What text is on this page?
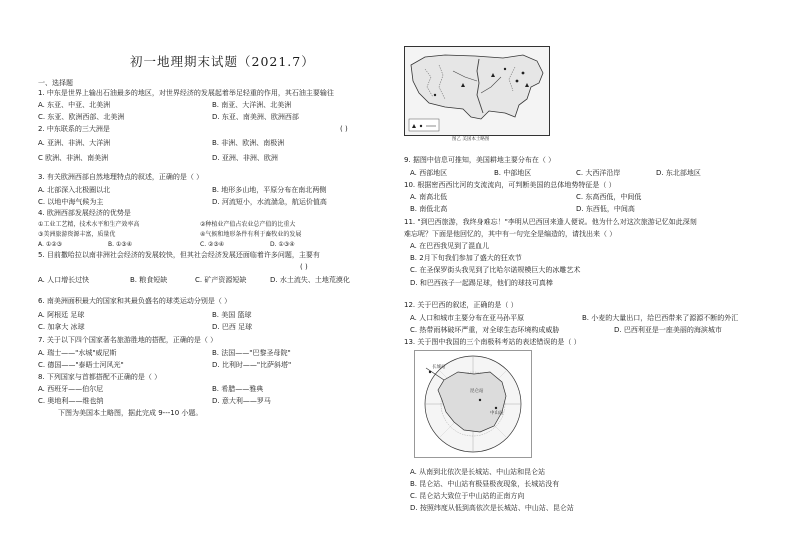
初一地理期末试题（2021.7）
一、选择题
1. 中东是世界上输出石油最多的地区，对世界经济的发展起着举足轻重的作用，其石油主要输往
A. 东亚、中亚、北美洲	B. 南亚、大洋洲、北美洲
C. 东亚、欧洲西部、北美洲	D. 东亚、南美洲、欧洲西部
2. 中东联系的三大洲是	( )
A. 亚洲、非洲、大洋洲	B. 非洲、欧洲、南极洲
C 欧洲、非洲、南美洲	D. 亚洲、非洲、欧洲
3. 有关欧洲西部自然地理特点的叙述，正确的是（ ）
A. 北部深入北极圈以北	B. 地形多山地，平原分布在南北两侧
C. 以地中海气候为主	D. 河流短小，水流湍急，航运价值高
4. 欧洲西部发展经济的优势是
①工业工艺精，技术水平和生产效率高	②种植业产值占农业总产值的比重大
③美洲旅游资源丰富，质量优	④气候和地形条件有利于畜牧业的发展
A. ①②③	B. ①③④	C. ②③④	D. ①③④
5. 目前撒哈拉以南非洲社会经济的发展较快，但其社会经济发展还面临着许多问题，主要有
( )
A. 人口增长过快	B. 粮食短缺	C. 矿产资源短缺	D. 水土流失、土地荒漠化
6. 南美洲面积最大的国家和其最负盛名的球类运动分别是（ ）
A. 阿根廷 足球	B. 美国 篮球
C. 加拿大 冰球	D. 巴西 足球
7. 关于以下四个国家著名旅游胜地的搭配，正确的是（ ）
A. 瑞士——"水城"威尼斯	B. 法国——"巴黎圣母院"
C. 德国——"泰晤士河风光"	D. 比利时——"比萨斜塔"
8. 下列国家与首都搭配不正确的是（ ）
A. 西班牙——伯尔尼	B. 希腊——雅典
C. 奥地利——维也纳	D. 意大利——罗马
下图为美国本土略图，据此完成 9---10 小题。
图乙 美国本土略图
9. 据图中信息可推知，美国耕地主要分布在（ ）
A. 西部地区	B. 中部地区	C. 大西洋沿岸	D. 东北部地区
10. 根据密西西比河的支流流向，可判断美国的总体地势特征是（ ）
A. 南高北低	C. 东高西低，中间低
B. 南低北高	D. 东西低，中间高
11. "到巴西旅游，我终身难忘！"李明从巴西回来逢人便说。他为什么对这次旅游记忆如此深刻
难忘呢？下面是他回忆的，其中有一句完全是编造的，请找出来（ ）
A. 在巴西我见到了混血儿
B. 2月下旬我们参加了盛大的狂欢节
C. 在圣保罗街头我见到了比哈尔诺规模巨大的冰雕艺术
D. 和巴西孩子一起踢足球，他们的球技可真棒
12. 关于巴西的叙述，正确的是（ ）
A. 人口和城市主要分布在亚马孙平原	B. 小麦的大量出口，给巴西带来了源源不断的外汇
C. 热带雨林破坏严重，对全球生态环境构成威胁	D. 巴西利亚是一座美丽的海滨城市
13. 关于图中我国的三个南极科考站的表述错误的是（ ）
长城站
昆仑站
中山站
A. 从南到北依次是长城站、中山站和昆仑站
B. 昆仑站、中山站有极昼极夜现象，长城站没有
C. 昆仑站大致位于中山站的正南方向
D. 按照纬度从低到高依次是长城站、中山站、昆仑站
